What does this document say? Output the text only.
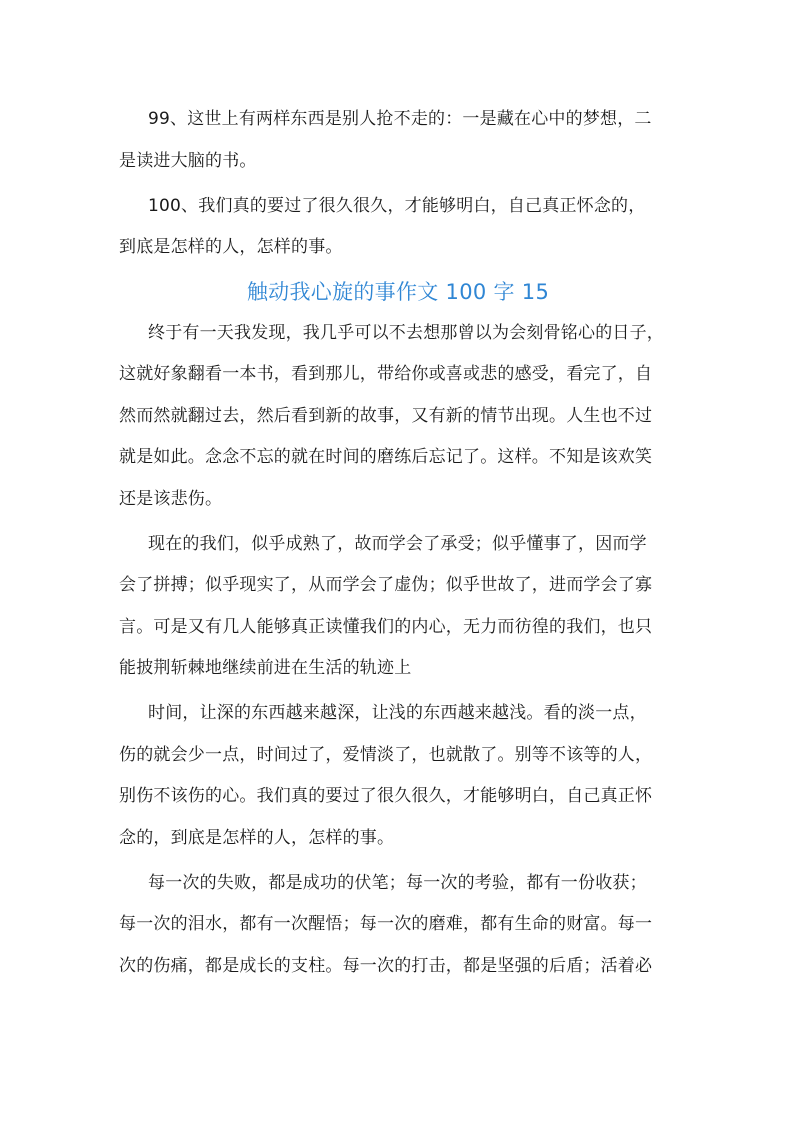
99、这世上有两样东西是别人抢不走的：一是藏在心中的梦想，二
是读进大脑的书。

100、我们真的要过了很久很久，才能够明白，自己真正怀念的，
到底是怎样的人，怎样的事。

触动我心旋的事作文 100 字 15

终于有一天我发现，我几乎可以不去想那曾以为会刻骨铭心的日子，
这就好象翻看一本书，看到那儿，带给你或喜或悲的感受，看完了，自
然而然就翻过去，然后看到新的故事，又有新的情节出现。人生也不过
就是如此。念念不忘的就在时间的磨练后忘记了。这样。不知是该欢笑
还是该悲伤。

现在的我们，似乎成熟了，故而学会了承受；似乎懂事了，因而学
会了拼搏；似乎现实了，从而学会了虚伪；似乎世故了，进而学会了寡
言。可是又有几人能够真正读懂我们的内心，无力而彷徨的我们，也只
能披荆斩棘地继续前进在生活的轨迹上

时间，让深的东西越来越深，让浅的东西越来越浅。看的淡一点，
伤的就会少一点，时间过了，爱情淡了，也就散了。别等不该等的人，
别伤不该伤的心。我们真的要过了很久很久，才能够明白，自己真正怀
念的，到底是怎样的人，怎样的事。

每一次的失败，都是成功的伏笔；每一次的考验，都有一份收获；
每一次的泪水，都有一次醒悟；每一次的磨难，都有生命的财富。每一
次的伤痛，都是成长的支柱。每一次的打击，都是坚强的后盾；活着必
